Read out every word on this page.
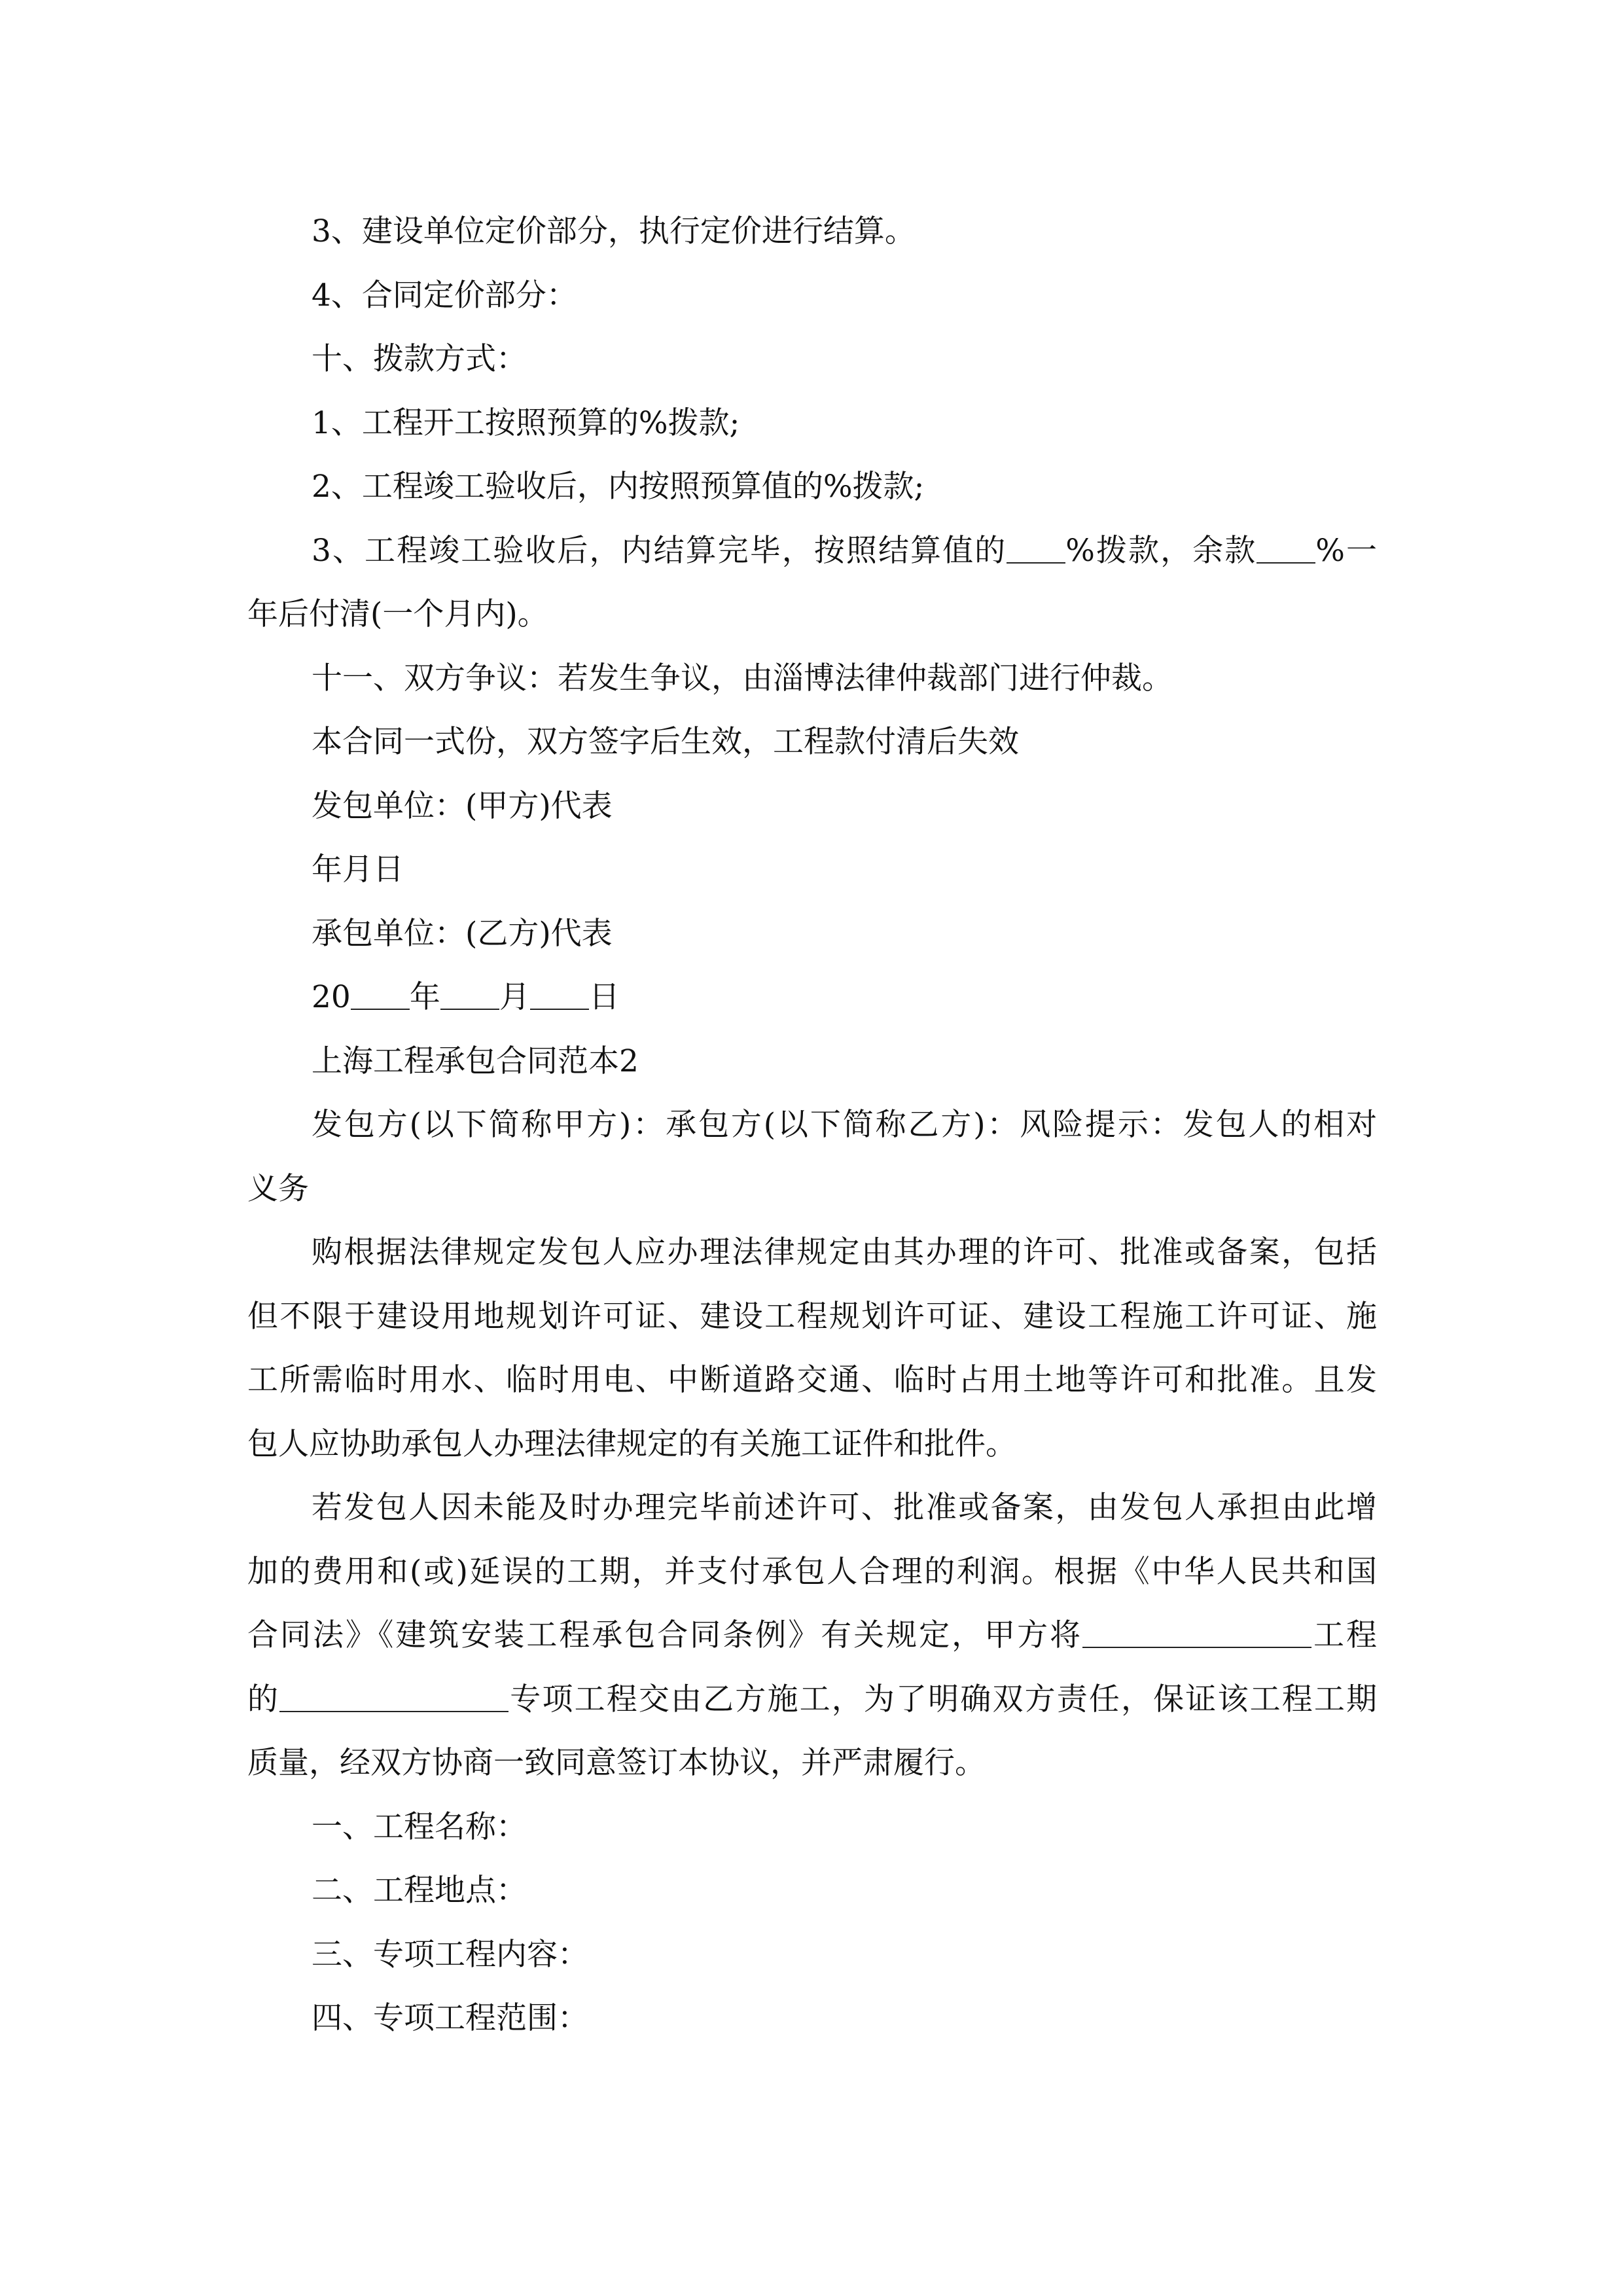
3、建设单位定价部分，执行定价进行结算。
4、合同定价部分：
十、拨款方式：
1、工程开工按照预算的%拨款;
2、工程竣工验收后，内按照预算值的%拨款;
3、工程竣工验收后，内结算完毕，按照结算值的 %拨款，余款 %一
年后付清(一个月内)。
十一、双方争议：若发生争议，由淄博法律仲裁部门进行仲裁。
本合同一式份，双方签字后生效，工程款付清后失效
发包单位：(甲方)代表
年月日
承包单位：(乙方)代表
20 年 月 日
上海工程承包合同范本2
发包方(以下简称甲方)：承包方(以下简称乙方)：风险提示：发包人的相对
义务
购根据法律规定发包人应办理法律规定由其办理的许可、批准或备案，包括
但不限于建设用地规划许可证、建设工程规划许可证、建设工程施工许可证、施
工所需临时用水、临时用电、中断道路交通、临时占用土地等许可和批准。且发
包人应协助承包人办理法律规定的有关施工证件和批件。
若发包人因未能及时办理完毕前述许可、批准或备案，由发包人承担由此增
加的费用和(或)延误的工期，并支付承包人合理的利润。根据《中华人民共和国
合同法》《建筑安装工程承包合同条例》有关规定，甲方将	工程
的	专项工程交由乙方施工，为了明确双方责任，保证该工程工期
质量，经双方协商一致同意签订本协议，并严肃履行。
一、工程名称：
二、工程地点：
三、专项工程内容：
四、专项工程范围：
